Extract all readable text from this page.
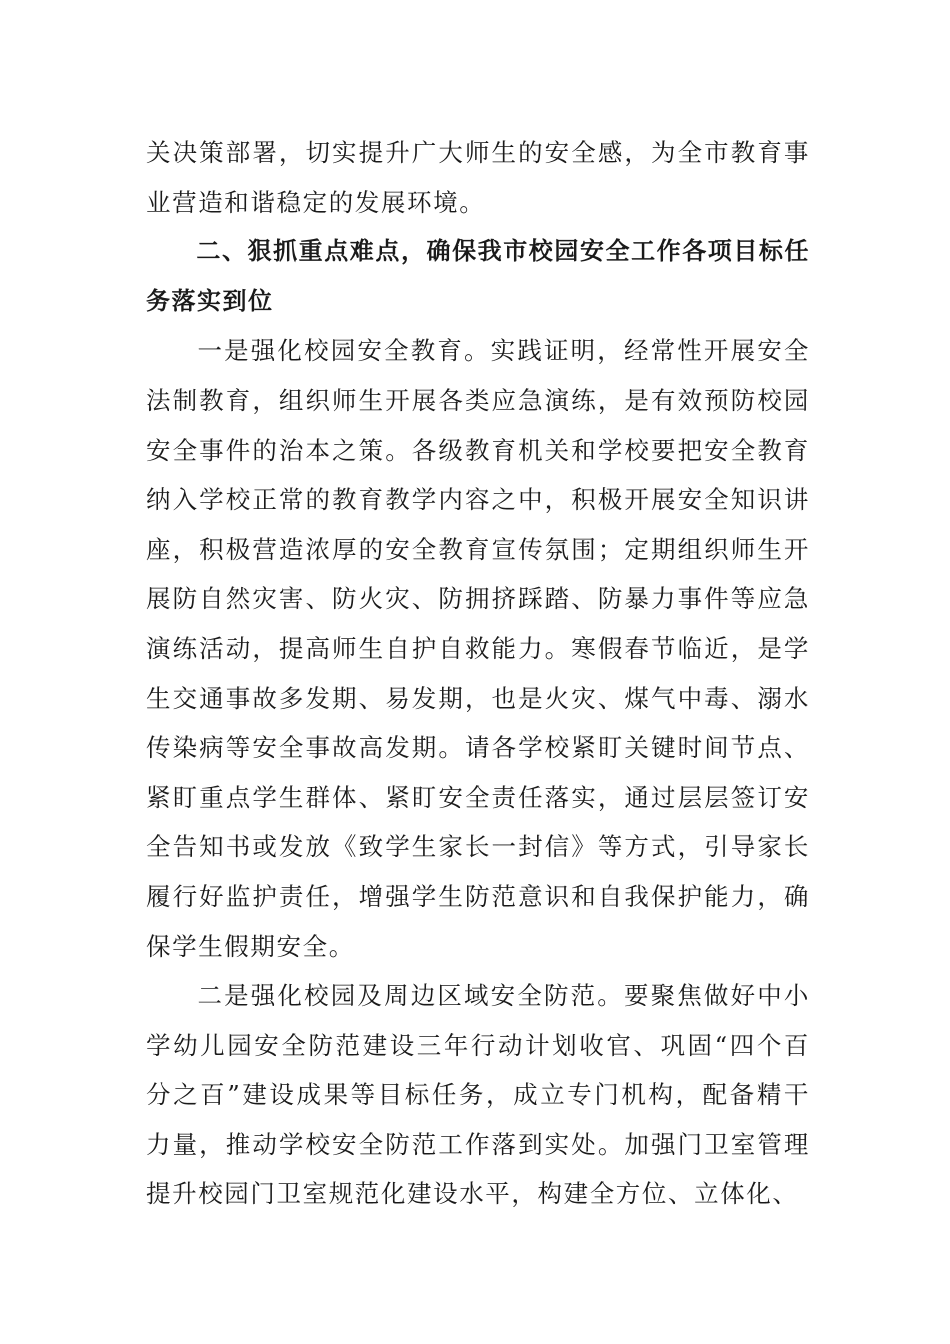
关决策部署，切实提升广大师生的安全感，为全市教育事业营造和谐稳定的发展环境。

二、狠抓重点难点，确保我市校园安全工作各项目标任务落实到位

一是强化校园安全教育。实践证明，经常性开展安全法制教育，组织师生开展各类应急演练，是有效预防校园安全事件的治本之策。各级教育机关和学校要把安全教育纳入学校正常的教育教学内容之中，积极开展安全知识讲座，积极营造浓厚的安全教育宣传氛围；定期组织师生开展防自然灾害、防火灾、防拥挤踩踏、防暴力事件等应急演练活动，提高师生自护自救能力。寒假春节临近，是学生交通事故多发期、易发期，也是火灾、煤气中毒、溺水传染病等安全事故高发期。请各学校紧盯关键时间节点、紧盯重点学生群体、紧盯安全责任落实，通过层层签订安全告知书或发放《致学生家长一封信》等方式，引导家长履行好监护责任，增强学生防范意识和自我保护能力，确保学生假期安全。

二是强化校园及周边区域安全防范。要聚焦做好中小学幼儿园安全防范建设三年行动计划收官、巩固“四个百分之百”建设成果等目标任务，成立专门机构，配备精干力量，推动学校安全防范工作落到实处。加强门卫室管理提升校园门卫室规范化建设水平，构建全方位、立体化、
